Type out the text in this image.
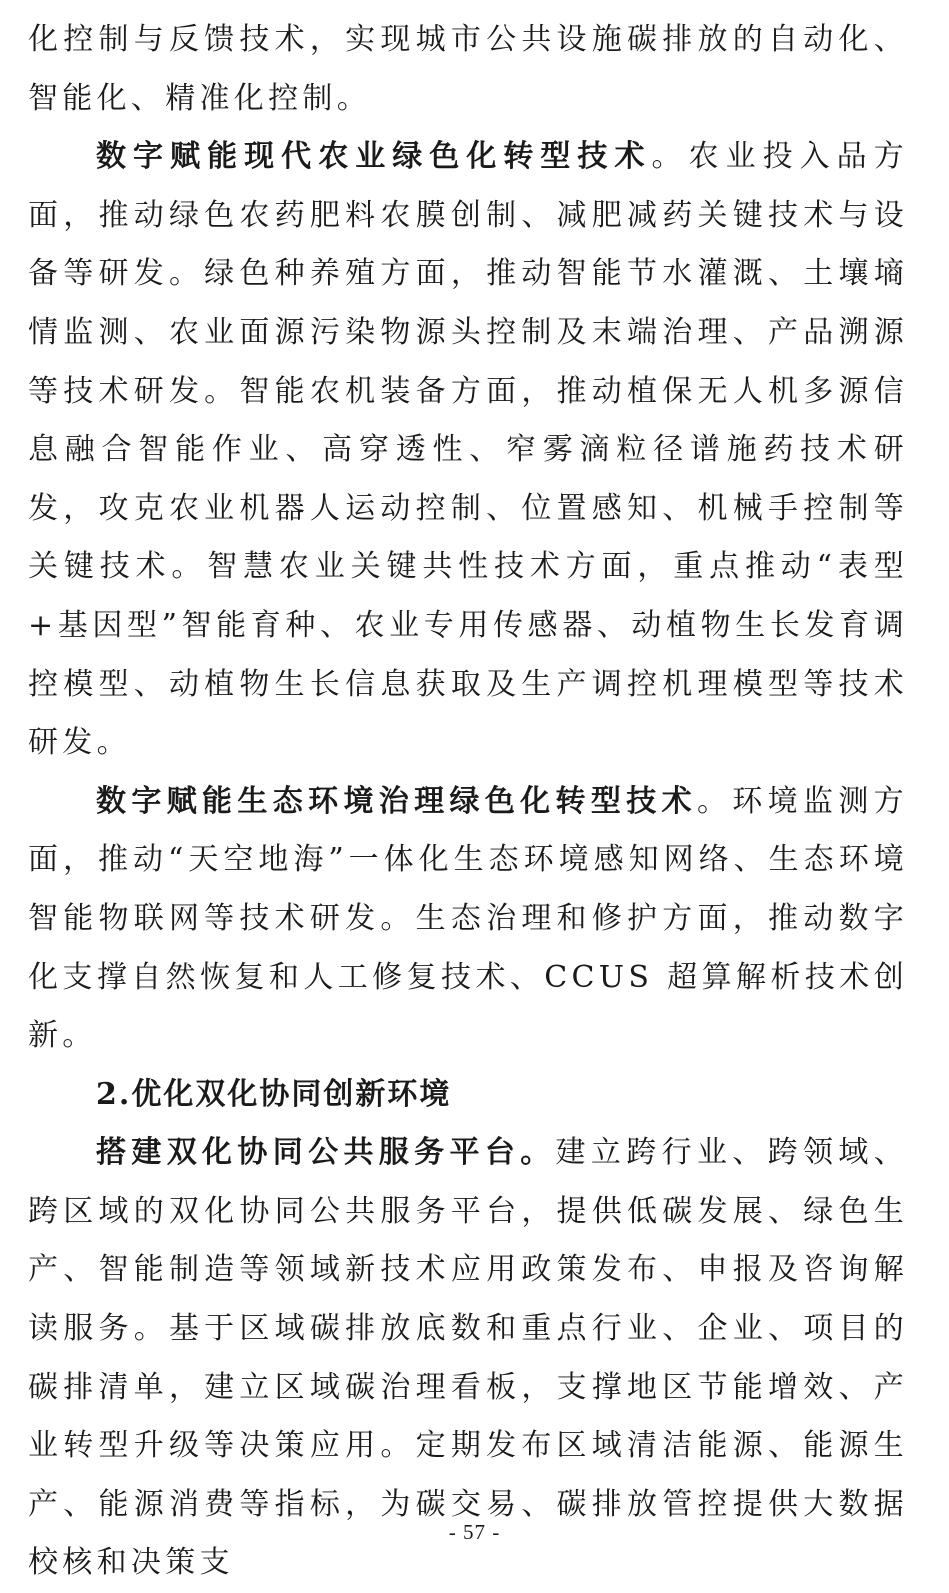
化控制与反馈技术，实现城市公共设施碳排放的自动化、智能化、精准化控制。

数字赋能现代农业绿色化转型技术。农业投入品方面，推动绿色农药肥料农膜创制、减肥减药关键技术与设备等研发。绿色种养殖方面，推动智能节水灌溉、土壤墒情监测、农业面源污染物源头控制及末端治理、产品溯源等技术研发。智能农机装备方面，推动植保无人机多源信息融合智能作业、高穿透性、窄雾滴粒径谱施药技术研发，攻克农业机器人运动控制、位置感知、机械手控制等关键技术。智慧农业关键共性技术方面，重点推动“表型+基因型”智能育种、农业专用传感器、动植物生长发育调控模型、动植物生长信息获取及生产调控机理模型等技术研发。

数字赋能生态环境治理绿色化转型技术。环境监测方面，推动“天空地海”一体化生态环境感知网络、生态环境智能物联网等技术研发。生态治理和修护方面，推动数字化支撑自然恢复和人工修复技术、CCUS 超算解析技术创新。

2.优化双化协同创新环境

搭建双化协同公共服务平台。建立跨行业、跨领域、跨区域的双化协同公共服务平台，提供低碳发展、绿色生产、智能制造等领域新技术应用政策发布、申报及咨询解读服务。基于区域碳排放底数和重点行业、企业、项目的碳排清单，建立区域碳治理看板，支撑地区节能增效、产业转型升级等决策应用。定期发布区域清洁能源、能源生产、能源消费等指标，为碳交易、碳排放管控提供大数据校核和决策支

- 57 -
